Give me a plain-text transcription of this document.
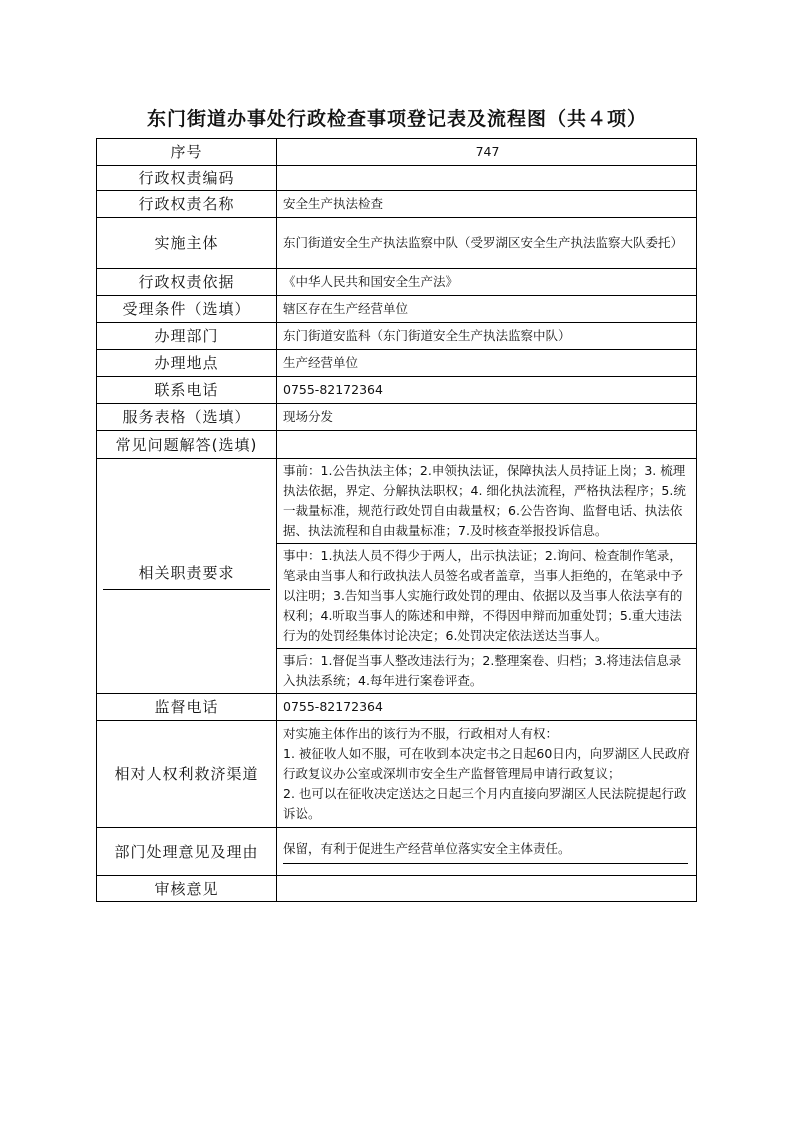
东门街道办事处行政检查事项登记表及流程图（共４项）
序号	747
行政权责编码	
行政权责名称	安全生产执法检查
实施主体	东门街道安全生产执法监察中队（受罗湖区安全生产执法监察大队委托）
行政权责依据	《中华人民共和国安全生产法》
受理条件（选填）	辖区存在生产经营单位
办理部门	东门街道安监科（东门街道安全生产执法监察中队）
办理地点	生产经营单位
联系电话	0755-82172364
服务表格（选填）	现场分发
常见问题解答(选填)	
相关职责要求	事前：1.公告执法主体；2.申领执法证，保障执法人员持证上岗；3. 梳理执法依据，界定、分解执法职权；4. 细化执法流程，严格执法程序；5.统一裁量标准，规范行政处罚自由裁量权；6.公告咨询、监督电话、执法依据、执法流程和自由裁量标准；7.及时核查举报投诉信息。
事中：1.执法人员不得少于两人，出示执法证；2.询问、检查制作笔录，笔录由当事人和行政执法人员签名或者盖章，当事人拒绝的，在笔录中予以注明；3.告知当事人实施行政处罚的理由、依据以及当事人依法享有的权利；4.听取当事人的陈述和申辩，不得因申辩而加重处罚；5.重大违法行为的处罚经集体讨论决定；6.处罚决定依法送达当事人。
事后：1.督促当事人整改违法行为；2.整理案卷、归档；3.将违法信息录入执法系统；4.每年进行案卷评查。

监督电话	0755-82172364

相对人权利救济渠道	对实施主体作出的该行为不服，行政相对人有权：
1. 被征收人如不服，可在收到本决定书之日起60日内，向罗湖区人民政府行政复议办公室或深圳市安全生产监督管理局申请行政复议；
2. 也可以在征收决定送达之日起三个月内直接向罗湖区人民法院提起行政诉讼。

部门处理意见及理由	保留，有利于促进生产经营单位落实安全主体责任。

审核意见	
